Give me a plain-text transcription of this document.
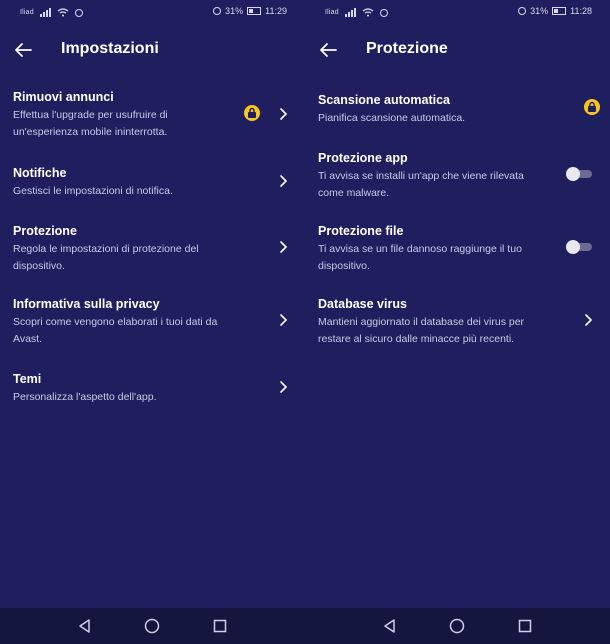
Iliad	31% 11:29
Impostazioni
Rimuovi annunci
Effettua l'upgrade per usufruire di un'esperienza mobile ininterrotta.
Notifiche
Gestisci le impostazioni di notifica.
Protezione
Regola le impostazioni di protezione del dispositivo.
Informativa sulla privacy
Scopri come vengono elaborati i tuoi dati da Avast.
Temi
Personalizza l'aspetto dell'app.
Iliad	31% 11:28
Protezione
Scansione automatica
Pianifica scansione automatica.
Protezione app
Ti avvisa se installi un'app che viene rilevata come malware.
Protezione file
Ti avvisa se un file dannoso raggiunge il tuo dispositivo.
Database virus
Mantieni aggiornato il database dei virus per restare al sicuro dalle minacce più recenti.
